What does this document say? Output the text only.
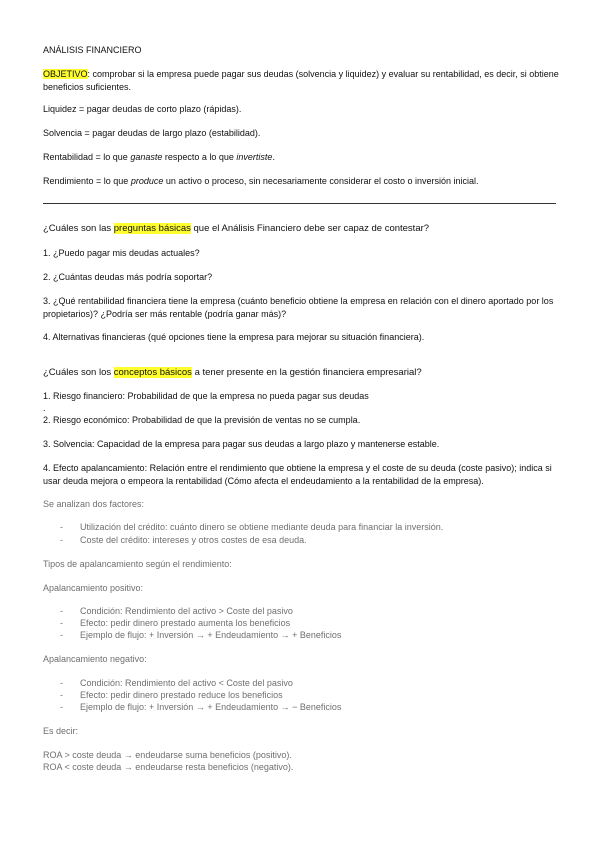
ANÁLISIS FINANCIERO
OBJETIVO: comprobar si la empresa puede pagar sus deudas (solvencia y liquidez) y evaluar su rentabilidad, es decir, si obtiene beneficios suficientes.
Liquidez = pagar deudas de corto plazo (rápidas).
Solvencia = pagar deudas de largo plazo (estabilidad).
Rentabilidad = lo que ganaste respecto a lo que invertiste.
Rendimiento = lo que produce un activo o proceso, sin necesariamente considerar el costo o inversión inicial.
¿Cuáles son las preguntas básicas que el Análisis Financiero debe ser capaz de contestar?
1. ¿Puedo pagar mis deudas actuales?
2. ¿Cuántas deudas más podría soportar?
3. ¿Qué rentabilidad financiera tiene la empresa (cuánto beneficio obtiene la empresa en relación con el dinero aportado por los propietarios)? ¿Podría ser más rentable (podría ganar más)?
4. Alternativas financieras (qué opciones tiene la empresa para mejorar su situación financiera).
¿Cuáles son los conceptos básicos a tener presente en la gestión financiera empresarial?
1. Riesgo financiero: Probabilidad de que la empresa no pueda pagar sus deudas
.
2. Riesgo económico: Probabilidad de que la previsión de ventas no se cumpla.
3. Solvencia: Capacidad de la empresa para pagar sus deudas a largo plazo y mantenerse estable.
4. Efecto apalancamiento: Relación entre el rendimiento que obtiene la empresa y el coste de su deuda (coste pasivo); indica si usar deuda mejora o empeora la rentabilidad (Cómo afecta el endeudamiento a la rentabilidad de la empresa).
Se analizan dos factores:
- Utilización del crédito: cuánto dinero se obtiene mediante deuda para financiar la inversión.
- Coste del crédito: intereses y otros costes de esa deuda.
Tipos de apalancamiento según el rendimiento:
Apalancamiento positivo:
- Condición: Rendimiento del activo > Coste del pasivo
- Efecto: pedir dinero prestado aumenta los beneficios
- Ejemplo de flujo: + Inversión → + Endeudamiento → + Beneficios
Apalancamiento negativo:
- Condición: Rendimiento del activo < Coste del pasivo
- Efecto: pedir dinero prestado reduce los beneficios
- Ejemplo de flujo: + Inversión → + Endeudamiento → − Beneficios
Es decir:
ROA > coste deuda → endeudarse suma beneficios (positivo).
ROA < coste deuda → endeudarse resta beneficios (negativo).
